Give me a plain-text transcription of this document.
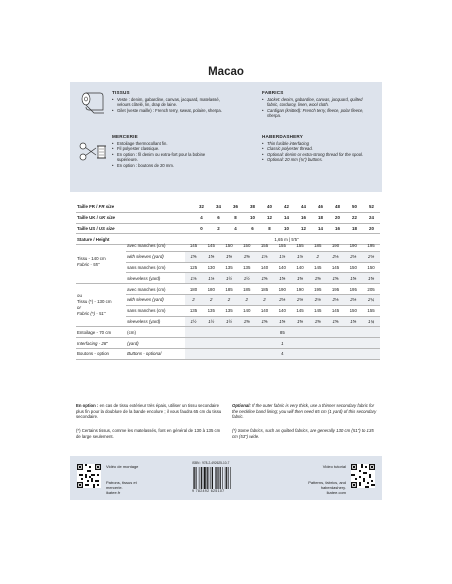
Macao
TISSUS
• Veste : denim, gabardine, canvas, jacquard, matelassé, velours côtelé, lin, drap de laine.
• Gilet (veste maille) : French terry, sweat, polaire, sherpa.
FABRICS
• Jacket: denim, gabardine, canvas, jacquard, quilted fabric, corduroy, linen, wool cloth.
• Cardigan (knitted): French terry, fleece, polar fleece, sherpa.
MERCERIE
• Entoilage thermocollant fin.
• Fil polyester classique.
• En option : fil denim ou extra-fort pour la bobine supérieure.
• En option : boutons de 20 mm.
HABERDASHERY
• Thin fusible interfacing
• Classic polyester thread.
• Optional: denim or extra-strong thread for the spool.
• Optional: 20 mm (¾") buttons.
Taille FR / FR size		32	34	36	38	40	42	44	46	48	50	52
Taille UK / UK size		4	6	8	10	12	14	16	18	20	22	24
Taille US / US size		0	2	4	6	8	10	12	14	16	18	20
Stature / Height		1,65 m | 5'5"										
Tissu - 140 cm
Fabric - 55"	avec manches (cm)	145	145	150	150	155	155	155	185	190	190	195
	with sleeves (yard)	1⅝	1⅝	1⅝	1⅝	1⅞	1⅞	1⅞	2	2⅛	2⅛	2⅛
	sans manches (cm)	125	130	135	135	140	140	140	145	145	150	150
	sleeveless (yard)	1⅜	1⅜	1½	1½	1⅝	1⅝	1⅝	1⅝	1⅝	1⅝	1⅝

ou
Tissu (*) - 130 cm
or
Fabric (*) - 51"	avec manches (cm)	180	180	185	185	185	190	190	195	195	195	205
	with sleeves (yard)	2	2	2	2	2	2⅛	2⅛	2⅛	2⅛	2⅛	2¼
	sans manches (cm)	135	135	135	140	140	140	145	145	145	150	155
	sleeveless (yard)	1½	1½	1½	1⅝	1⅝	1⅝	1⅝	1⅝	1⅝	1⅝	1¾
Entoilage - 70 cm	(cm)	85										
Interfacing - 28"	(yard)	1										
Boutons - option	Buttons - optional	4										
En option : en cas de tissu extérieur très épais, utiliser un tissu secondaire plus fin pour la doublure de la bande encolure ; il vous faudra 65 cm du tissu secondaire.
Optional: If the outer fabric is very thick, use a thinner secondary fabric for the neckline band lining; you will then need 65 cm (1 yard) of this secondary fabric.
(*) Certains tissus, comme les matelassés, font en général de 130 à 135 cm de large seulement.
(*) Some fabrics, such as quilted fabrics, are generally 130 cm (51") to 135 cm (53") wide.
Vidéo de montage
Patrons, tissus et
mercerie.
ikatee.fr
Video tutorial
Patterns, fabrics, and
haberdashery.
ikatee.com
ISBN : 978-2-492625-10-7
9 782492 625107
